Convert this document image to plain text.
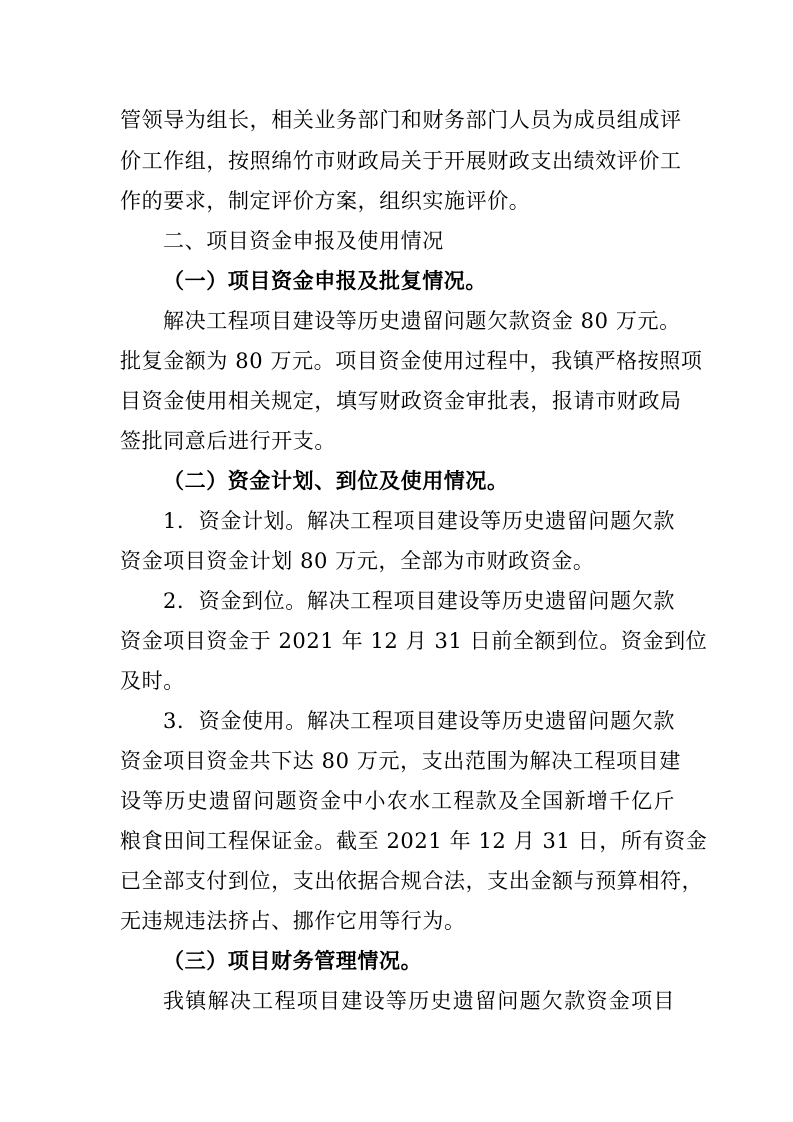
管领导为组长，相关业务部门和财务部门人员为成员组成评
价工作组，按照绵竹市财政局关于开展财政支出绩效评价工
作的要求，制定评价方案，组织实施评价。
二、项目资金申报及使用情况
（一）项目资金申报及批复情况。
解决工程项目建设等历史遗留问题欠款资金 80 万元。
批复金额为 80 万元。项目资金使用过程中，我镇严格按照项
目资金使用相关规定，填写财政资金审批表，报请市财政局
签批同意后进行开支。
（二）资金计划、到位及使用情况。
1．资金计划。解决工程项目建设等历史遗留问题欠款
资金项目资金计划 80 万元，全部为市财政资金。
2．资金到位。解决工程项目建设等历史遗留问题欠款
资金项目资金于 2021 年 12 月 31 日前全额到位。资金到位
及时。
3．资金使用。解决工程项目建设等历史遗留问题欠款
资金项目资金共下达 80 万元，支出范围为解决工程项目建
设等历史遗留问题资金中小农水工程款及全国新增千亿斤
粮食田间工程保证金。截至 2021 年 12 月 31 日，所有资金
已全部支付到位，支出依据合规合法，支出金额与预算相符，
无违规违法挤占、挪作它用等行为。
（三）项目财务管理情况。
我镇解决工程项目建设等历史遗留问题欠款资金项目
